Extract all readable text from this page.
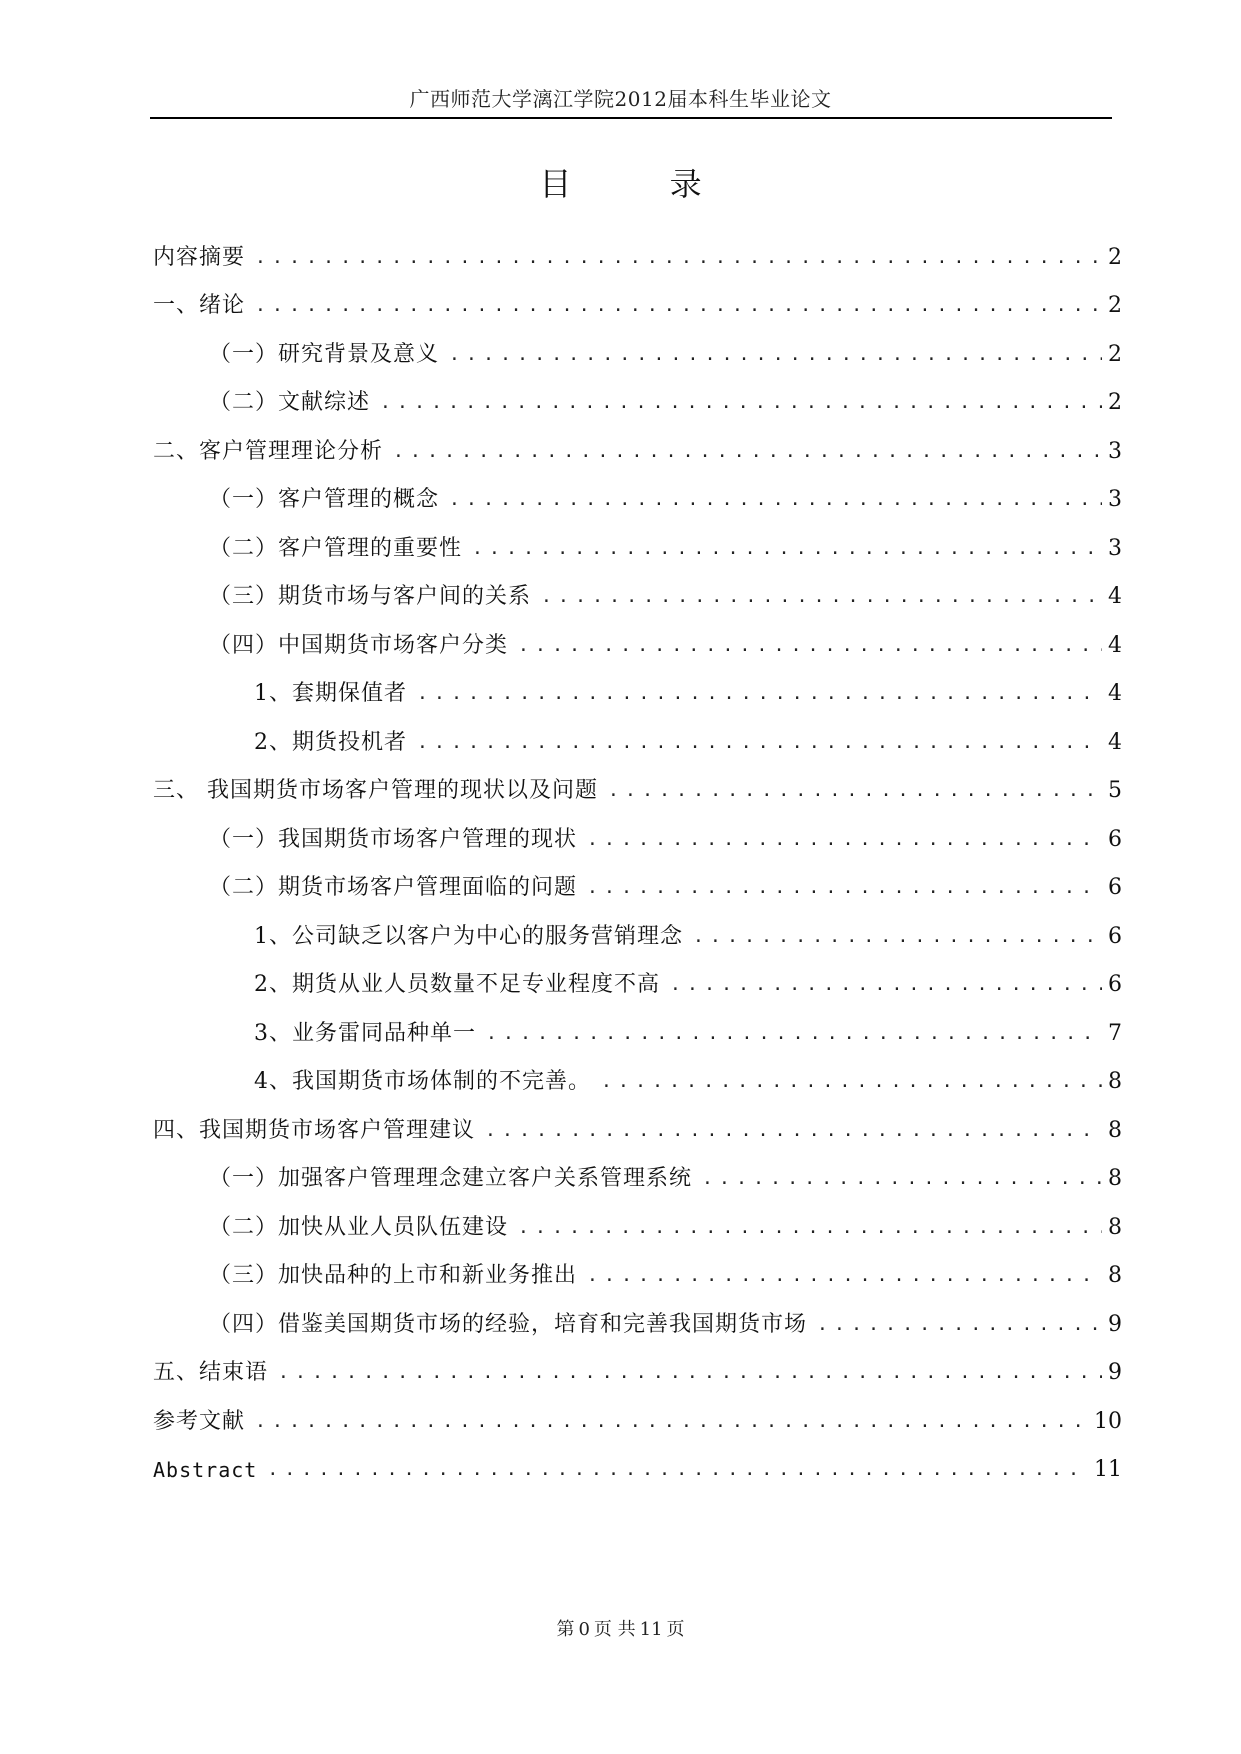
广西师范大学漓江学院2012届本科生毕业论文
目 录
内容摘要 .....	2
一、绪论 .....	2
（一）研究背景及意义 .....	2
（二）文献综述 .....	2
二、客户管理理论分析 .....	3
（一）客户管理的概念 .....	3
（二）客户管理的重要性 .....	3
（三）期货市场与客户间的关系 .....	4
（四）中国期货市场客户分类 .....	4
1、套期保值者 .....	4
2、期货投机者 .....	4
三、 我国期货市场客户管理的现状以及问题 .....	5
（一）我国期货市场客户管理的现状 .....	6
（二）期货市场客户管理面临的问题 .....	6
1、公司缺乏以客户为中心的服务营销理念 .....	6
2、期货从业人员数量不足专业程度不高 .....	6
3、业务雷同品种单一 .....	7
4、我国期货市场体制的不完善。 .....	8
四、我国期货市场客户管理建议 .....	8
（一）加强客户管理理念建立客户关系管理系统 .....	8
（二）加快从业人员队伍建设 .....	8
（三）加快品种的上市和新业务推出 .....	8
（四）借鉴美国期货市场的经验，培育和完善我国期货市场 .....	9
五、结束语 .....	9
参考文献 .....	10
Abstract .....	11
第 0 页 共 11 页
